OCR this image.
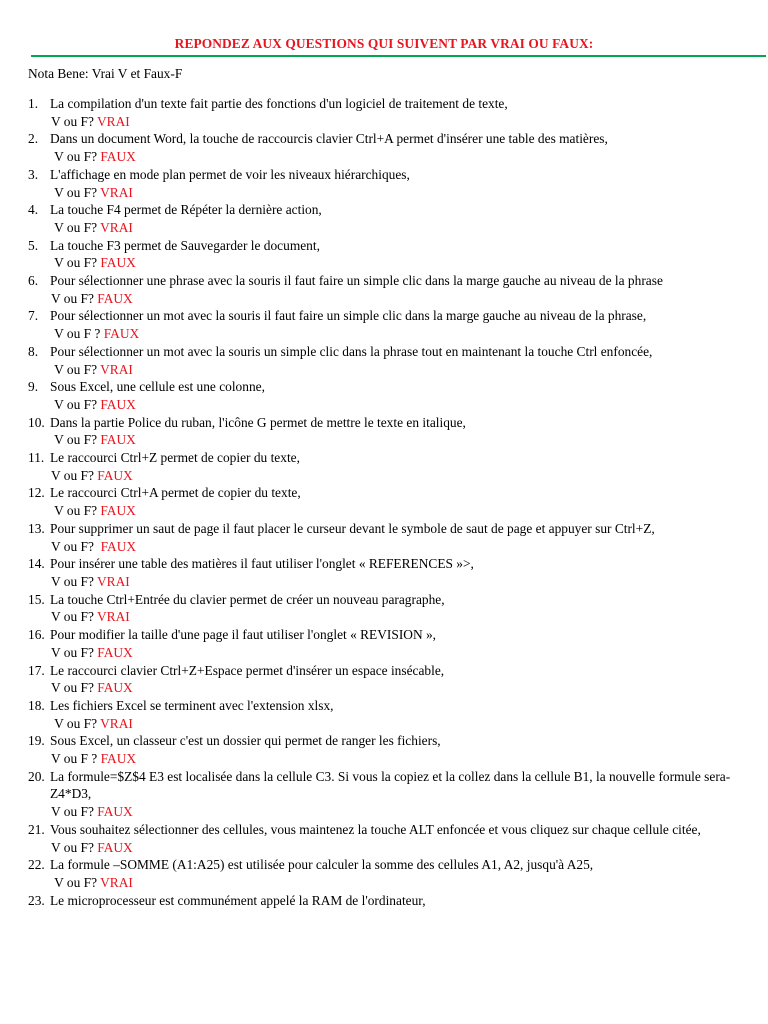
REPONDEZ AUX QUESTIONS QUI SUIVENT PAR VRAI OU FAUX:
Nota Bene: Vrai V et Faux-F
1. La compilation d'un texte fait partie des fonctions d'un logiciel de traitement de texte,
V ou F? VRAI
2. Dans un document Word, la touche de raccourcis clavier Ctrl+A permet d'insérer une table des matières,
V ou F? FAUX
3. L'affichage en mode plan permet de voir les niveaux hiérarchiques,
V ou F? VRAI
4. La touche F4 permet de Répéter la dernière action,
V ou F? VRAI
5. La touche F3 permet de Sauvegarder le document,
V ou F? FAUX
6. Pour sélectionner une phrase avec la souris il faut faire un simple clic dans la marge gauche au niveau de la phrase
V ou F? FAUX
7. Pour sélectionner un mot avec la souris il faut faire un simple clic dans la marge gauche au niveau de la phrase,
V ou F ? FAUX
8. Pour sélectionner un mot avec la souris un simple clic dans la phrase tout en maintenant la touche Ctrl enfoncée,
V ou F? VRAI
9. Sous Excel, une cellule est une colonne,
V ou F? FAUX
10. Dans la partie Police du ruban, l'icône G permet de mettre le texte en italique,
V ou F? FAUX
11. Le raccourci Ctrl+Z permet de copier du texte,
V ou F? FAUX
12. Le raccourci Ctrl+A permet de copier du texte,
V ou F? FAUX
13. Pour supprimer un saut de page il faut placer le curseur devant le symbole de saut de page et appuyer sur Ctrl+Z,
V ou F?  FAUX
14. Pour insérer une table des matières il faut utiliser l'onglet « REFERENCES »>,
V ou F? VRAI
15. La touche Ctrl+Entrée du clavier permet de créer un nouveau paragraphe,
V ou F? VRAI
16. Pour modifier la taille d'une page il faut utiliser l'onglet « REVISION »,
V ou F? FAUX
17. Le raccourci clavier Ctrl+Z+Espace permet d'insérer un espace insécable,
V ou F? FAUX
18. Les fichiers Excel se terminent avec l'extension xlsx,
V ou F? VRAI
19. Sous Excel, un classeur c'est un dossier qui permet de ranger les fichiers,
V ou F ? FAUX
20. La formule=$Z$4 E3 est localisée dans la cellule C3. Si vous la copiez et la collez dans la cellule B1, la nouvelle formule sera-Z4*D3,
V ou F? FAUX
21. Vous souhaitez sélectionner des cellules, vous maintenez la touche ALT enfoncée et vous cliquez sur chaque cellule citée,
V ou F? FAUX
22. La formule –SOMME (A1:A25) est utilisée pour calculer la somme des cellules A1, A2, jusqu'à A25,
V ou F? VRAI
23. Le microprocesseur est communément appelé la RAM de l'ordinateur,
